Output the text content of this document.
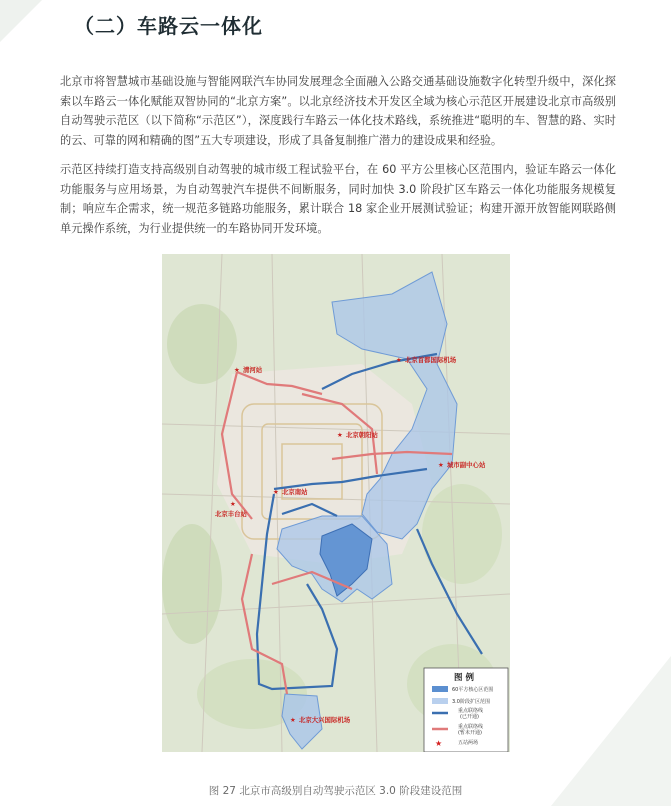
（二）车路云一体化
北京市将智慧城市基础设施与智能网联汽车协同发展理念全面融入公路交通基础设施数字化转型升级中，深化探索以车路云一体化赋能双智协同的“北京方案”。以北京经济技术开发区全域为核心示范区开展建设北京市高级别自动驾驶示范区（以下简称“示范区”），深度践行车路云一体化技术路线，系统推进“聪明的车、智慧的路、实时的云、可靠的网和精确的图”五大专项建设，形成了具备复制推广潜力的建设成果和经验。
示范区持续打造支持高级别自动驾驶的城市级工程试验平台，在 60 平方公里核心区范围内，验证车路云一体化功能服务与应用场景，为自动驾驶汽车提供不间断服务，同时加快 3.0 阶段扩区车路云一体化功能服务规模复制；响应车企需求，统一规范多链路功能服务，累计联合 18 家企业开展测试验证；构建开源开放智能网联路侧单元操作系统，为行业提供统一的车路协同开发环境。
★ 北京首都国际机场
★ 清河站
★ 北京朝阳站
★ 城市副中心站
★ 北京南站
★
北京丰台站
★ 北京大兴国际机场
图 例
60平方核心区范围
3.0阶段扩区范围
重点联络线
(已开通)
重点联络线
(暂未开通)
★	五站两场
图 27 北京市高级别自动驾驶示范区 3.0 阶段建设范围
